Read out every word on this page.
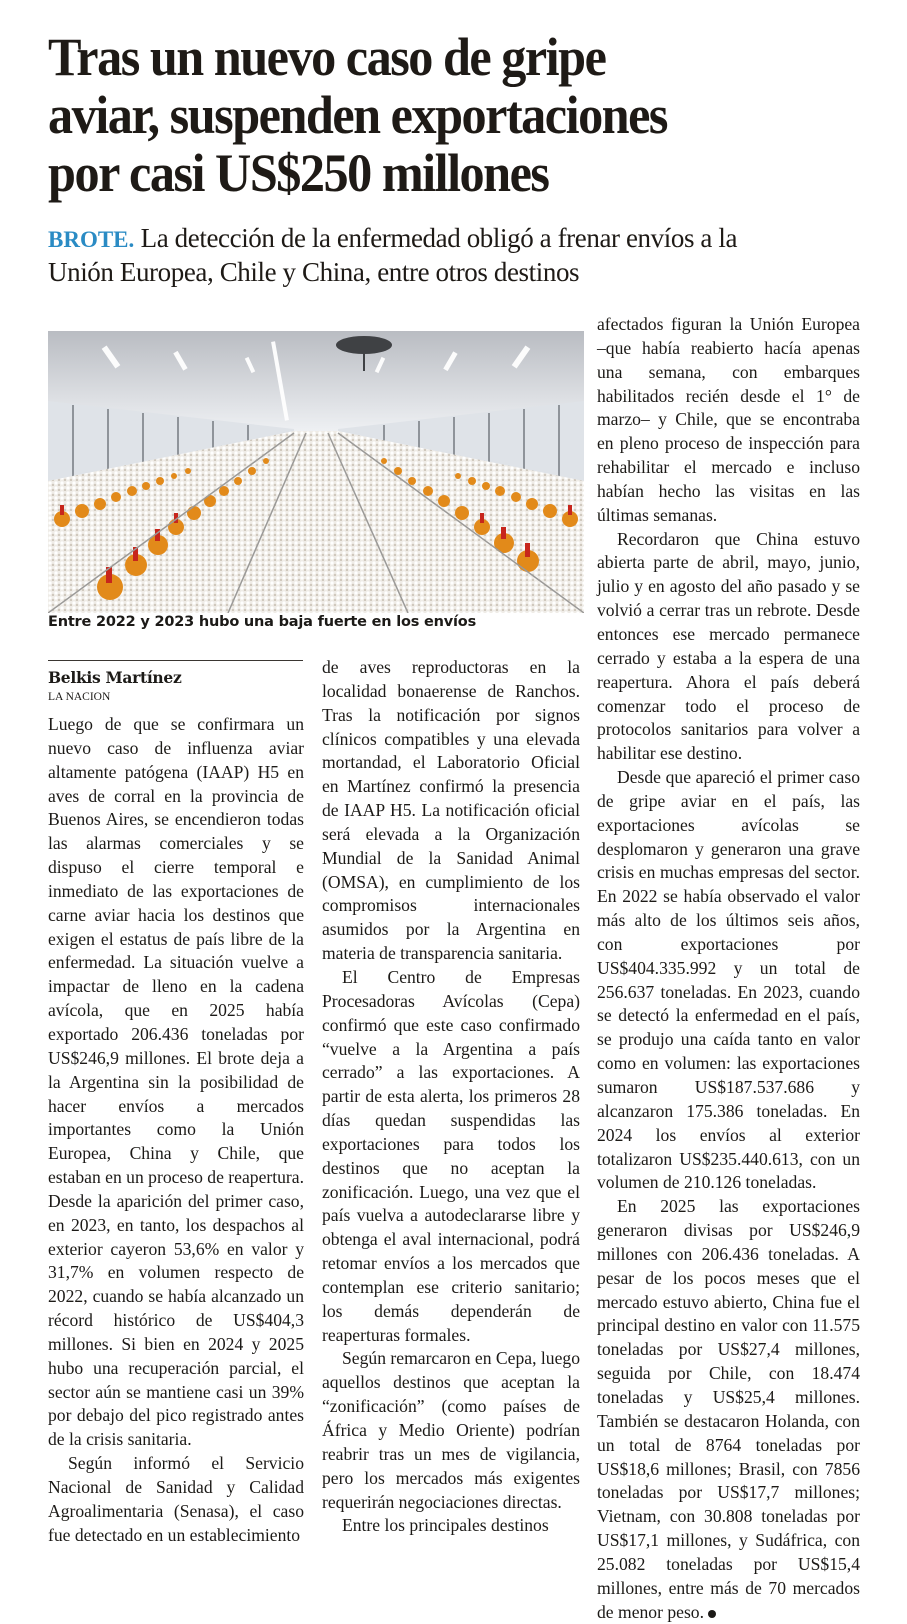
Tras un nuevo caso de gripe
aviar, suspenden exportaciones
por casi US$250 millones
BROTE. La detección de la enfermedad obligó a frenar envíos a la
Unión Europea, Chile y China, entre otros destinos
Entre 2022 y 2023 hubo una baja fuerte en los envíos
Belkis Martínez
LA NACION

Luego de que se confirmara un nuevo caso de influenza aviar altamente patógena (IAAP) H5 en aves de corral en la provincia de Buenos Aires, se encendieron todas las alarmas comerciales y se dispuso el cierre temporal e inmediato de las exportaciones de carne aviar hacia los destinos que exigen el estatus de país libre de la enfermedad. La situación vuelve a impactar de lleno en la cadena avícola, que en 2025 había exportado 206.436 toneladas por US$246,9 millones. El brote deja a la Argentina sin la posibilidad de hacer envíos a mercados importantes como la Unión Europea, China y Chile, que estaban en un proceso de reapertura. Desde la aparición del primer caso, en 2023, en tanto, los despachos al exterior cayeron 53,6% en valor y 31,7% en volumen respecto de 2022, cuando se había alcanzado un récord histórico de US$404,3 millones. Si bien en 2024 y 2025 hubo una recuperación parcial, el sector aún se mantiene casi un 39% por debajo del pico registrado antes de la crisis sanitaria.

Según informó el Servicio Nacional de Sanidad y Calidad Agroalimentaria (Senasa), el caso fue detectado en un establecimiento

de aves reproductoras en la localidad bonaerense de Ranchos. Tras la notificación por signos clínicos compatibles y una elevada mortandad, el Laboratorio Oficial en Martínez confirmó la presencia de IAAP H5. La notificación oficial será elevada a la Organización Mundial de la Sanidad Animal (OMSA), en cumplimiento de los compromisos internacionales asumidos por la Argentina en materia de transparencia sanitaria.

El Centro de Empresas Procesadoras Avícolas (Cepa) confirmó que este caso confirmado “vuelve a la Argentina a país cerrado” a las exportaciones. A partir de esta alerta, los primeros 28 días quedan suspendidas las exportaciones para todos los destinos que no aceptan la zonificación. Luego, una vez que el país vuelva a autodeclararse libre y obtenga el aval internacional, podrá retomar envíos a los mercados que contemplan ese criterio sanitario; los demás dependerán de reaperturas formales.

Según remarcaron en Cepa, luego aquellos destinos que aceptan la “zonificación” (como países de África y Medio Oriente) podrían reabrir tras un mes de vigilancia, pero los mercados más exigentes requerirán negociaciones directas.

Entre los principales destinos

afectados figuran la Unión Europea –que había reabierto hacía apenas una semana, con embarques habilitados recién desde el 1° de marzo– y Chile, que se encontraba en pleno proceso de inspección para rehabilitar el mercado e incluso habían hecho las visitas en las últimas semanas.

Recordaron que China estuvo abierta parte de abril, mayo, junio, julio y en agosto del año pasado y se volvió a cerrar tras un rebrote. Desde entonces ese mercado permanece cerrado y estaba a la espera de una reapertura. Ahora el país deberá comenzar todo el proceso de protocolos sanitarios para volver a habilitar ese destino.

Desde que apareció el primer caso de gripe aviar en el país, las exportaciones avícolas se desplomaron y generaron una grave crisis en muchas empresas del sector. En 2022 se había observado el valor más alto de los últimos seis años, con exportaciones por US$404.335.992 y un total de 256.637 toneladas. En 2023, cuando se detectó la enfermedad en el país, se produjo una caída tanto en valor como en volumen: las exportaciones sumaron US$187.537.686 y alcanzaron 175.386 toneladas. En 2024 los envíos al exterior totalizaron US$235.440.613, con un volumen de 210.126 toneladas.

En 2025 las exportaciones generaron divisas por US$246,9 millones con 206.436 toneladas. A pesar de los pocos meses que el mercado estuvo abierto, China fue el principal destino en valor con 11.575 toneladas por US$27,4 millones, seguida por Chile, con 18.474 toneladas y US$25,4 millones. También se destacaron Holanda, con un total de 8764 toneladas por US$18,6 millones; Brasil, con 7856 toneladas por US$17,7 millones; Vietnam, con 30.808 toneladas por US$17,1 millones, y Sudáfrica, con 25.082 toneladas por US$15,4 millones, entre más de 70 mercados de menor peso.
